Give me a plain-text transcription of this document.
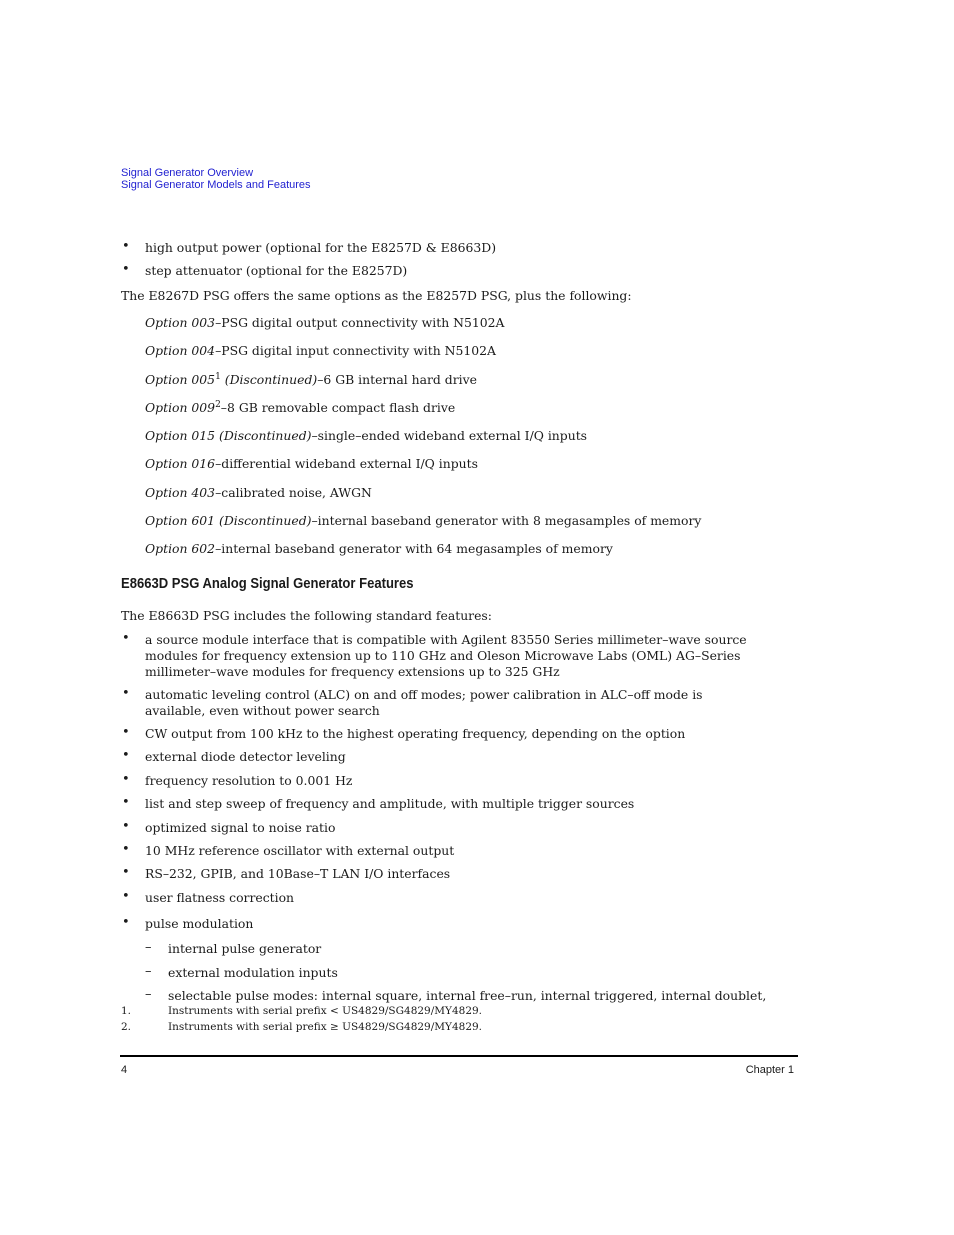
Signal Generator Overview
Signal Generator Models and Features
• high output power (optional for the E8257D & E8663D)
• step attenuator (optional for the E8257D)
The E8267D PSG offers the same options as the E8257D PSG, plus the following:
Option 003–PSG digital output connectivity with N5102A
Option 004–PSG digital input connectivity with N5102A
Option $005^1$ (Discontinued)–6 GB internal hard drive
Option $009^2-8$ GB removable compact flash drive
Option 015 (Discontinued)–single–ended wideband external I/Q inputs
Option 016–differential wideband external I/Q inputs
Option 403–calibrated noise, AWGN
Option 601 (Discontinued)–internal baseband generator with 8 megasamples of memory
Option 602–internal baseband generator with 64 megasamples of memory
E8663D PSG Analog Signal Generator Features
The E8663D PSG includes the following standard features:
• a source module interface that is compatible with Agilent 83550 Series millimeter–wave source
modules for frequency extension up to 110 GHz and Oleson Microwave Labs (OML) AG–Series
millimeter–wave modules for frequency extensions up to 325 GHz
• automatic leveling control (ALC) on and off modes; power calibration in ALC–off mode is
available, even without power search
• CW output from 100 kHz to the highest operating frequency, depending on the option
• external diode detector leveling
• frequency resolution to 0.001 Hz
• list and step sweep of frequency and amplitude, with multiple trigger sources
• optimized signal to noise ratio
• 10 MHz reference oscillator with external output
• RS–232, GPIB, and 10Base–T LAN I/O interfaces
• user flatness correction
• pulse modulation
– internal pulse generator
– external modulation inputs
– selectable pulse modes: internal square, internal free–run, internal triggered, internal doublet,
1.	Instruments with serial prefix < US4829/SG4829/MY4829.
2.	Instruments with serial prefix ≥ US4829/SG4829/MY4829.
4	Chapter 1
